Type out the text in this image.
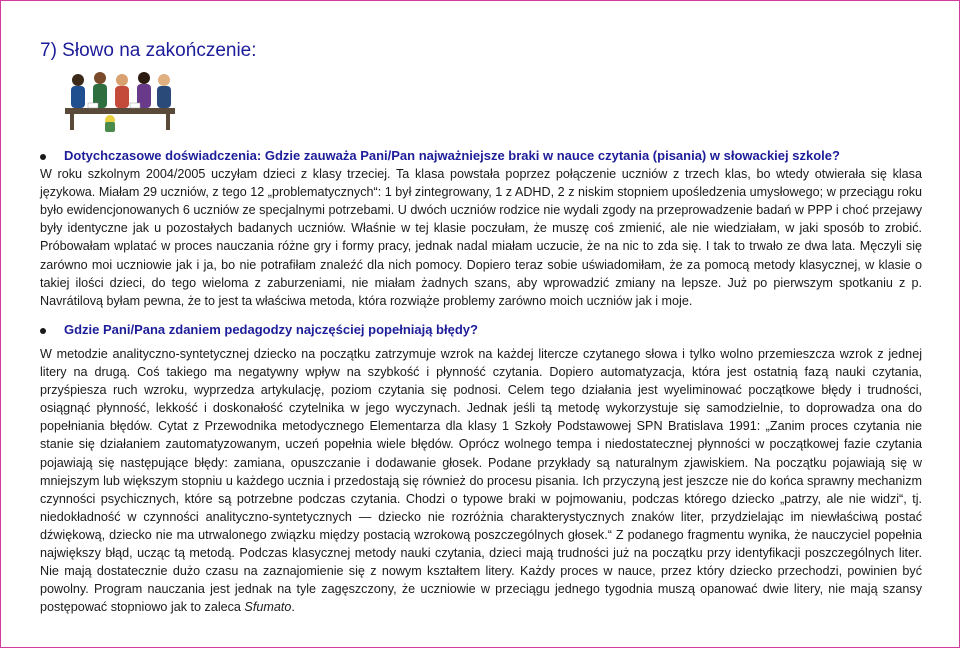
7) Słowo na zakończenie:
Dotychczasowe doświadczenia: Gdzie zauważa Pani/Pan najważniejsze braki w nauce czytania (pisania) w słowackiej szkole?

W roku szkolnym 2004/2005 uczyłam dzieci z klasy trzeciej. Ta klasa powstała poprzez połączenie uczniów z trzech klas, bo wtedy otwierała się klasa językowa. Miałam 29 uczniów, z tego 12 „problematycznych“: 1 był zintegrowany, 1 z ADHD, 2 z niskim stopniem upośledzenia umysłowego; w przeciągu roku było ewidencjonowanych 6 uczniów ze specjalnymi potrzebami. U dwóch uczniów rodzice nie wydali zgody na przeprowadzenie badań w PPP i choć przejawy były identyczne jak u pozostałych badanych uczniów. Właśnie w tej klasie poczułam, że muszę coś zmienić, ale nie wiedziałam, w jaki sposób to zrobić. Próbowałam wplatać w proces nauczania różne gry i formy pracy, jednak nadal miałam uczucie, że na nic to zda się. I tak to trwało ze dwa lata. Męczyli się zarówno moi uczniowie jak i ja, bo nie potrafiłam znaleźć dla nich pomocy. Dopiero teraz sobie uświadomiłam, że za pomocą metody klasycznej, w klasie o takiej ilości dzieci, do tego wieloma z zaburzeniami, nie miałam żadnych szans, aby wprowadzić zmiany na lepsze. Już po pierwszym spotkaniu z p. Navrátilovą byłam pewna, że to jest ta właściwa metoda, która rozwiąże problemy zarówno moich uczniów jak i moje.

Gdzie Pani/Pana zdaniem pedagodzy najczęściej popełniają błędy?

W metodzie analityczno-syntetycznej dziecko na początku zatrzymuje wzrok na każdej litercze czytanego słowa i tylko wolno przemieszcza wzrok z jednej litery na drugą. Coś takiego ma negatywny wpływ na szybkość i płynność czytania. Dopiero automatyzacja, która jest ostatnią fazą nauki czytania, przyśpiesza ruch wzroku, wyprzedza artykulację, poziom czytania się podnosi. Celem tego działania jest wyeliminować początkowe błędy i trudności, osiągnąć płynność, lekkość i doskonałość czytelnika w jego wyczynach. Jednak jeśli tą metodę wykorzystuje się samodzielnie, to doprowadza ona do popełniania błędów. Cytat z Przewodnika metodycznego Elementarza dla klasy 1 Szkoły Podstawowej SPN Bratislava 1991: „Zanim proces czytania nie stanie się działaniem zautomatyzowanym, uczeń popełnia wiele błędów. Oprócz wolnego tempa i niedostatecznej płynności w początkowej fazie czytania pojawiają się następujące błędy: zamiana, opuszczanie i dodawanie głosek. Podane przykłady są naturalnym zjawiskiem. Na początku pojawiają się w mniejszym lub większym stopniu u każdego ucznia i przedostają się również do procesu pisania. Ich przyczyną jest jeszcze nie do końca sprawny mechanizm czynności psychicznych, które są potrzebne podczas czytania. Chodzi o typowe braki w pojmowaniu, podczas którego dziecko „patrzy, ale nie widzi“, tj. niedokładność w czynności analityczno-syntetycznych — dziecko nie rozróżnia charakterystycznych znaków liter, przydzielając im niewłaściwą postać dźwiękową, dziecko nie ma utrwalonego związku między postacią wzrokową poszczególnych głosek.“ Z podanego fragmentu wynika, że nauczyciel popełnia największy błąd, ucząc tą metodą. Podczas klasycznej metody nauki czytania, dzieci mają trudności już na początku przy identyfikacji poszczególnych liter. Nie mają dostatecznie dużo czasu na zaznajomienie się z nowym kształtem litery. Każdy proces w nauce, przez który dziecko przechodzi, powinien być powolny. Program nauczania jest jednak na tyle zagęszczony, że uczniowie w przeciągu jednego tygodnia muszą opanować dwie litery, nie mają szansy postępować stopniowo jak to zaleca Sfumato.
